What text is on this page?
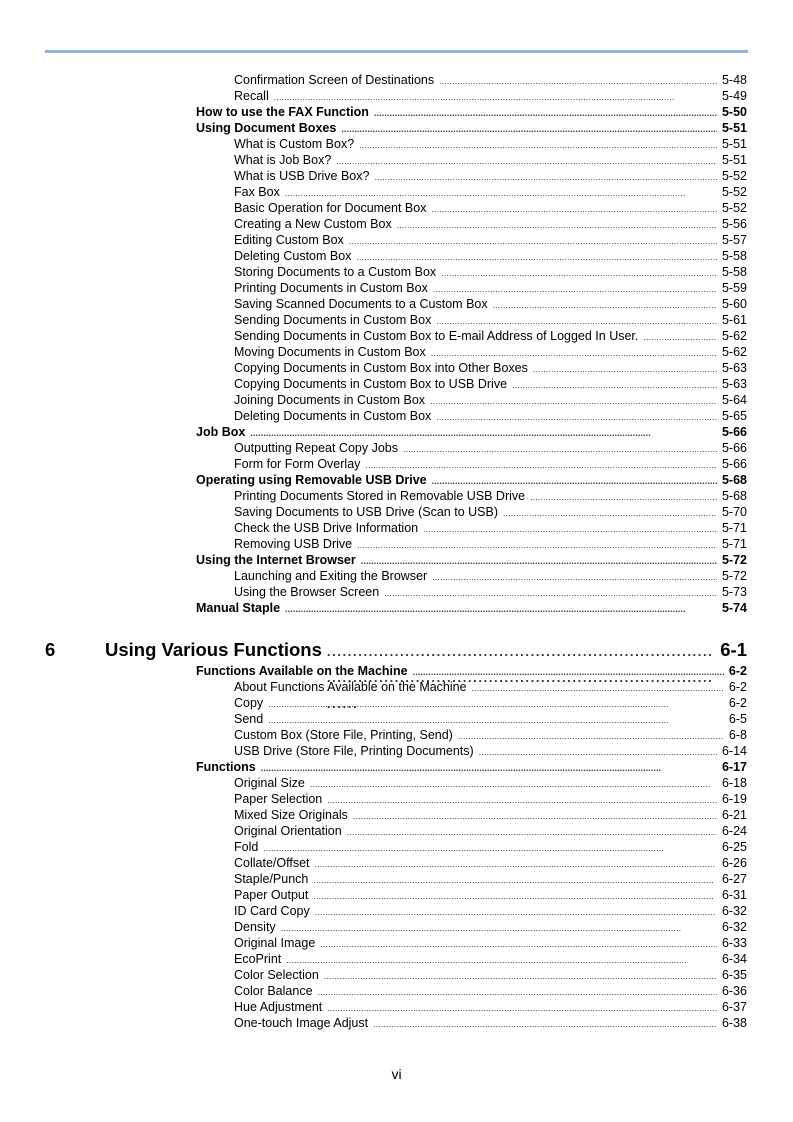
Confirmation Screen of Destinations . . .	5-48
Recall . . .	5-49
How to use the FAX Function . . .	5-50
Using Document Boxes . . .	5-51
What is Custom Box? . . .	5-51
What is Job Box? . . .	5-51
What is USB Drive Box? . . .	5-52
Fax Box . . .	5-52
Basic Operation for Document Box . . .	5-52
Creating a New Custom Box . . .	5-56
Editing Custom Box . . .	5-57
Deleting Custom Box . . .	5-58
Storing Documents to a Custom Box . . .	5-58
Printing Documents in Custom Box . . .	5-59
Saving Scanned Documents to a Custom Box . . .	5-60
Sending Documents in Custom Box . . .	5-61
Sending Documents in Custom Box to E-mail Address of Logged In User. . . .	5-62
Moving Documents in Custom Box . . .	5-62
Copying Documents in Custom Box into Other Boxes . . .	5-63
Copying Documents in Custom Box to USB Drive . . .	5-63
Joining Documents in Custom Box . . .	5-64
Deleting Documents in Custom Box . . .	5-65
Job Box . . .	5-66
Outputting Repeat Copy Jobs . . .	5-66
Form for Form Overlay . . .	5-66
Operating using Removable USB Drive . . .	5-68
Printing Documents Stored in Removable USB Drive . . .	5-68
Saving Documents to USB Drive (Scan to USB) . . .	5-70
Check the USB Drive Information . . .	5-71
Removing USB Drive . . .	5-71
Using the Internet Browser . . .	5-72
Launching and Exiting the Browser . . .	5-72
Using the Browser Screen . . .	5-73
Manual Staple . . .	5-74
6	Using Various Functions . . .	6-1
Functions Available on the Machine . . .	6-2
About Functions Available on the Machine . . .	6-2
Copy . . .	6-2
Send . . .	6-5
Custom Box (Store File, Printing, Send) . . .	6-8
USB Drive (Store File, Printing Documents) . . .	6-14
Functions . . .	6-17
Original Size . . .	6-18
Paper Selection . . .	6-19
Mixed Size Originals . . .	6-21
Original Orientation . . .	6-24
Fold . . .	6-25
Collate/Offset . . .	6-26
Staple/Punch . . .	6-27
Paper Output . . .	6-31
ID Card Copy . . .	6-32
Density . . .	6-32
Original Image . . .	6-33
EcoPrint . . .	6-34
Color Selection . . .	6-35
Color Balance . . .	6-36
Hue Adjustment . . .	6-37
One-touch Image Adjust . . .	6-38
vi
